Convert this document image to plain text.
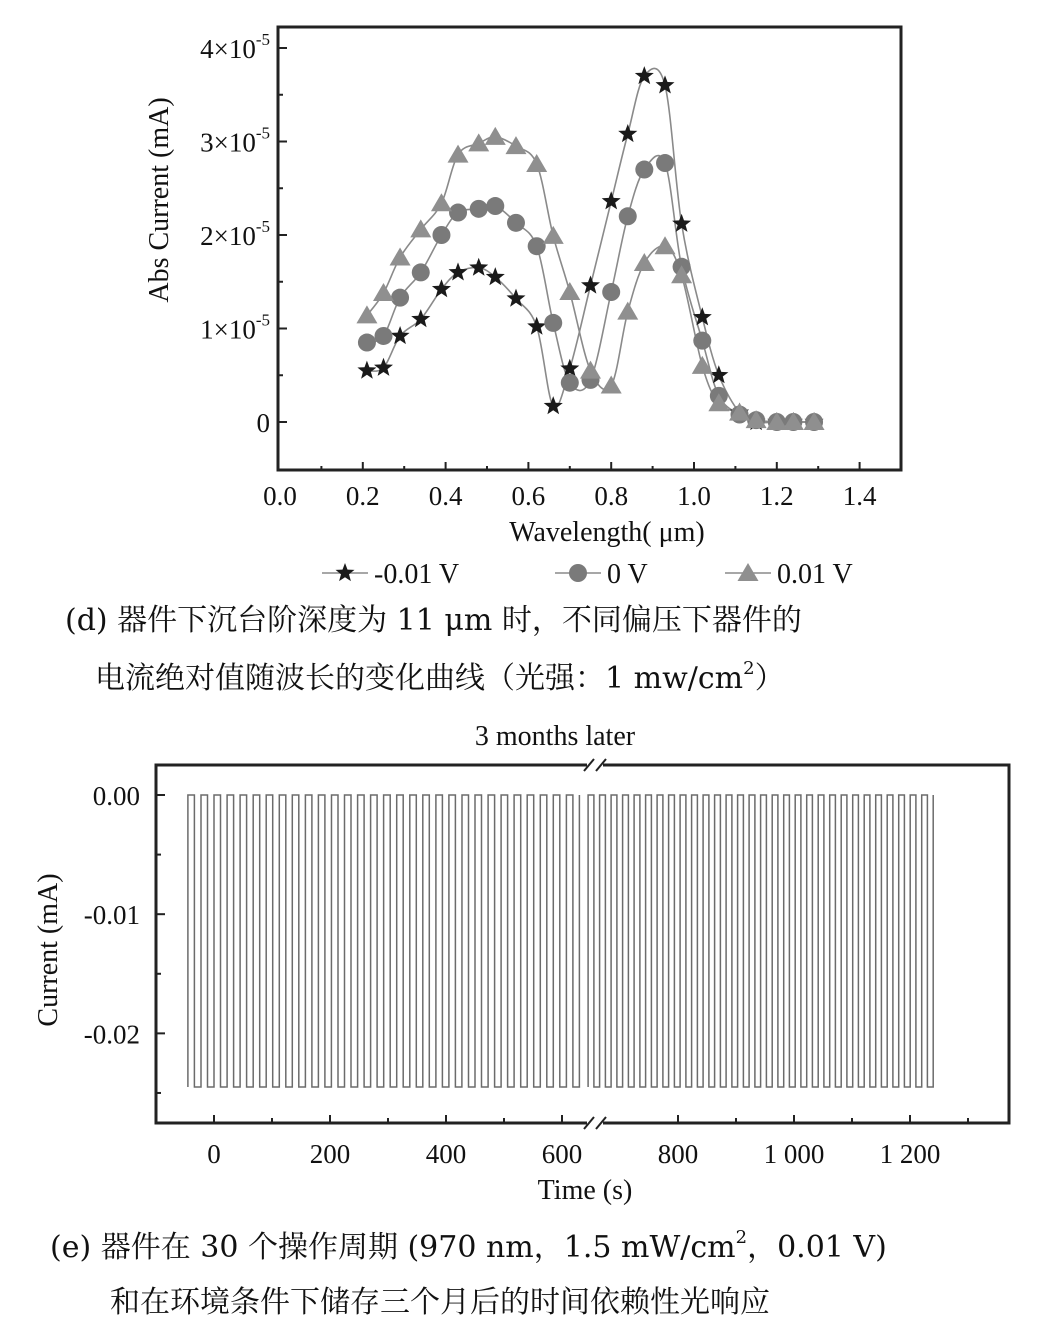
0.0 0.2 0.4 0.6 0.8 1.0 1.2 1.4
0
$1\times 10^{-5}$
$2\times 10^{-5}$
$3\times 10^{-5}$
$4\times 10^{-5}$
Wavelength( μm)
Abs Current (mA)
-0.01 V	0 V	0.01 V
(d) 器件下沉台阶深度为 11 μm 时，不同偏压下器件的
电流绝对值随波长的变化曲线（光强：1 $mw/cm^2$）
3 months later
0	200	400	600	800 1 000 1 200
0.00
-0.01
-0.02
Time (s)
Current (mA)
(e) 器件在 30 个操作周期 (970 nm，1.5 $mW/cm^2$，0.01 V)
和在环境条件下储存三个月后的时间依赖性光响应
